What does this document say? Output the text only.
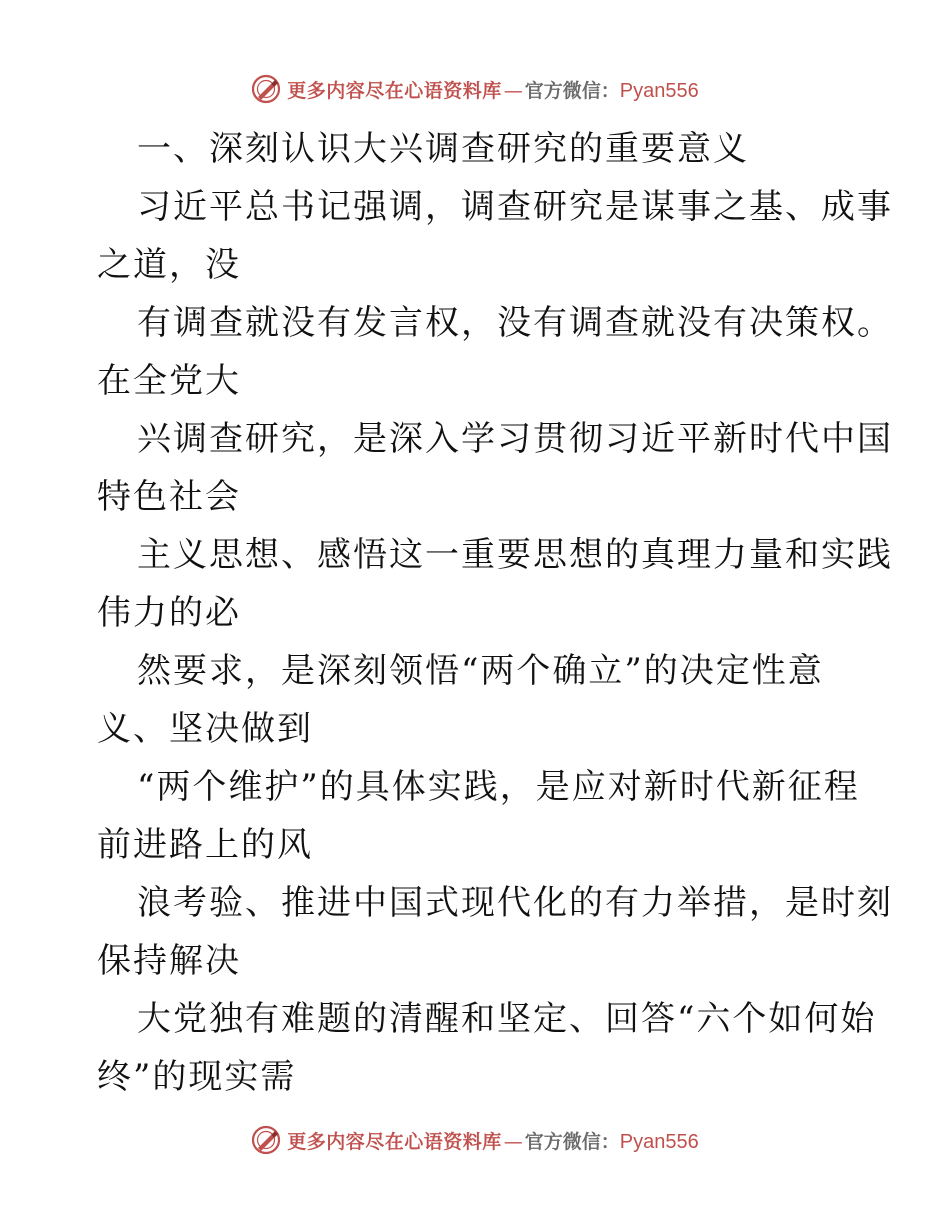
更多内容尽在心语资料库 — 官方微信： Pyan556
一、深刻认识大兴调查研究的重要意义
习近平总书记强调，调查研究是谋事之基、成事
之道，没
有调查就没有发言权，没有调查就没有决策权。
在全党大
兴调查研究，是深入学习贯彻习近平新时代中国
特色社会
主义思想、感悟这一重要思想的真理力量和实践
伟力的必
然要求，是深刻领悟“两个确立”的决定性意
义、坚决做到
“两个维护”的具体实践，是应对新时代新征程
前进路上的风
浪考验、推进中国式现代化的有力举措，是时刻
保持解决
大党独有难题的清醒和坚定、回答“六个如何始
终”的现实需
更多内容尽在心语资料库 — 官方微信： Pyan556
